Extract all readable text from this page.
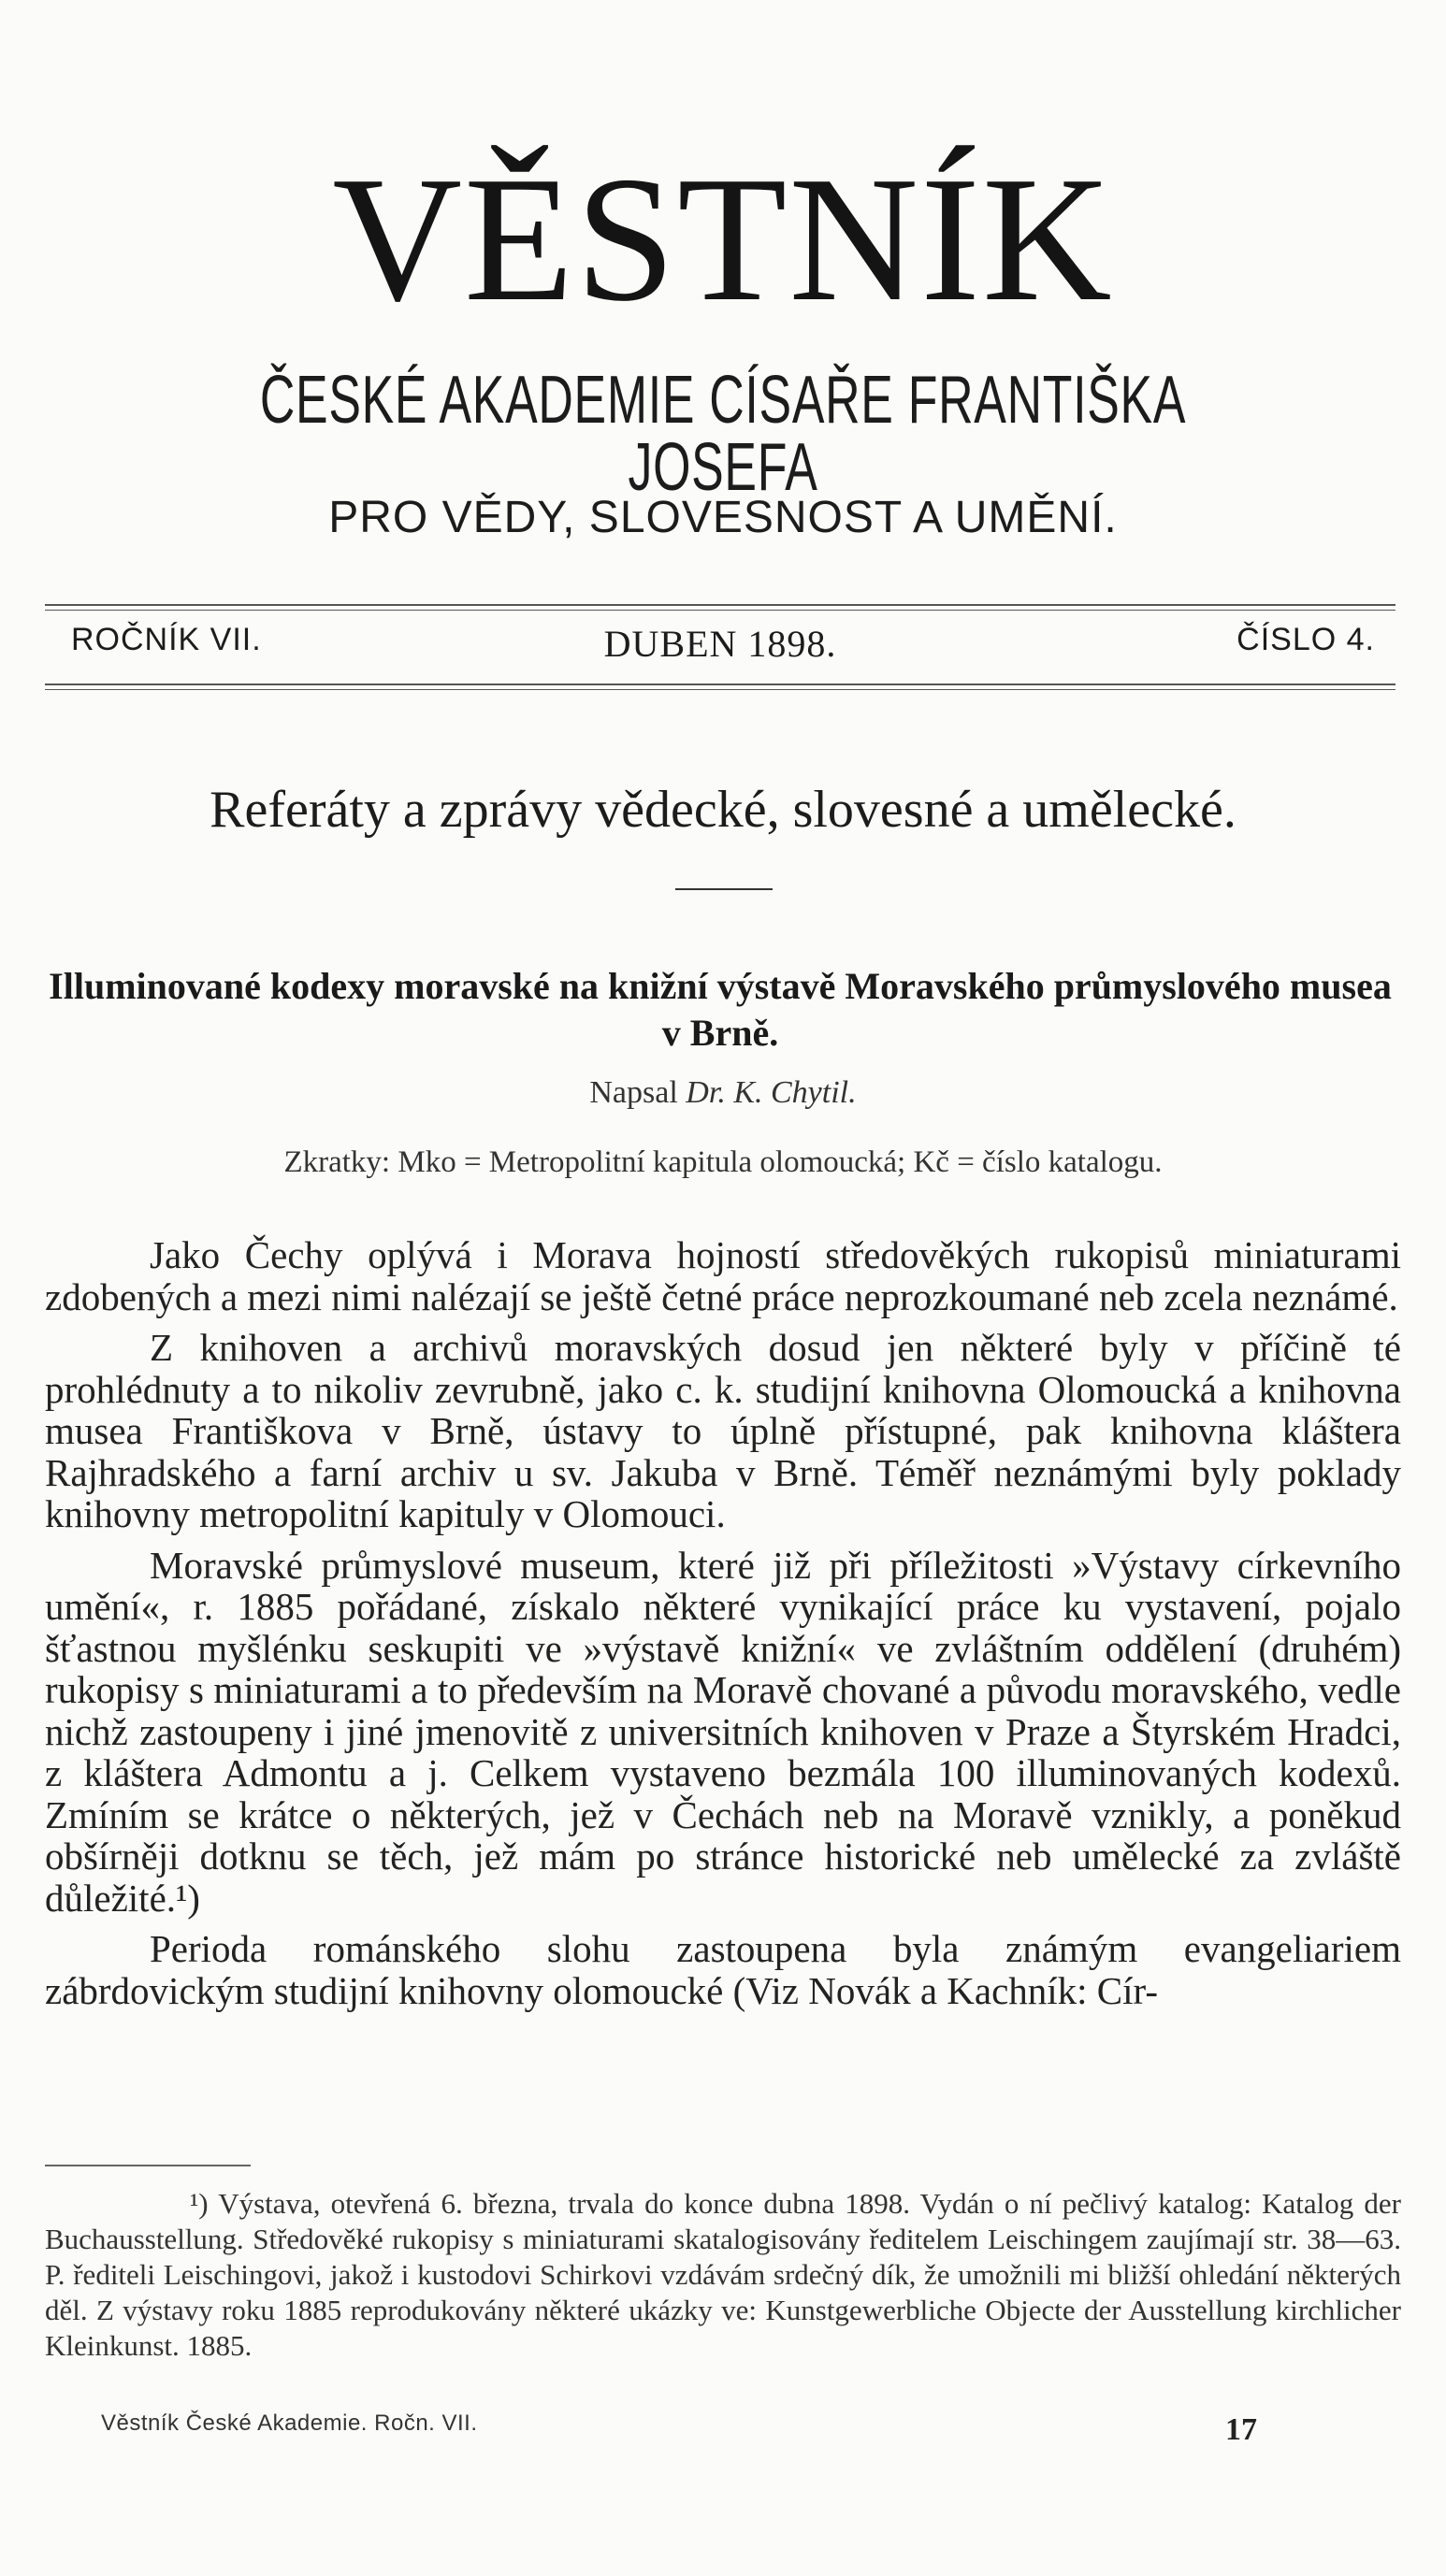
VĚSTNÍK
ČESKÉ AKADEMIE CÍSAŘE FRANTIŠKA JOSEFA
PRO VĚDY, SLOVESNOST A UMĚNÍ.
ROČNÍK VII.	DUBEN 1898.	ČÍSLO 4.
Referáty a zprávy vědecké, slovesné a umělecké.
Illuminované kodexy moravské na knižní výstavě Moravského průmyslového musea v Brně.
Napsal Dr. K. Chytil.
Zkratky: Mko = Metropolitní kapitula olomoucká; Kč = číslo katalogu.

Jako Čechy oplývá i Morava hojností středověkých rukopisů miniaturami zdobených a mezi nimi nalézají se ještě četné práce neprozkoumané neb zcela neznámé.

Z knihoven a archivů moravských dosud jen některé byly v příčině té prohlédnuty a to nikoliv zevrubně, jako c. k. studijní knihovna Olomoucká a knihovna musea Františkova v Brně, ústavy to úplně přístupné, pak knihovna kláštera Rajhradského a farní archiv u sv. Jakuba v Brně. Téměř neznámými byly poklady knihovny metropolitní kapituly v Olomouci.

Moravské průmyslové museum, které již při příležitosti »Výstavy církevního umění«, r. 1885 pořádané, získalo některé vynikající práce ku vystavení, pojalo šťastnou myšlénku seskupiti ve »výstavě knižní« ve zvláštním oddělení (druhém) rukopisy s miniaturami a to především na Moravě chované a původu moravského, vedle nichž zastoupeny i jiné jmenovitě z universitních knihoven v Praze a Štyrském Hradci, z kláštera Admontu a j. Celkem vystaveno bezmála 100 illuminovaných kodexů. Zmíním se krátce o některých, jež v Čechách neb na Moravě vznikly, a poněkud obšírněji dotknu se těch, jež mám po stránce historické neb umělecké za zvláště důležité.¹)

Perioda románského slohu zastoupena byla známým evangeliariem zábrdovickým studijní knihovny olomoucké (Viz Novák a Kachník: Cír-

¹) Výstava, otevřená 6. března, trvala do konce dubna 1898. Vydán o ní pečlivý katalog: Katalog der Buchausstellung. Středověké rukopisy s miniaturami skatalogisovány ředitelem Leischingem zaujímají str. 38—63. P. řediteli Leischingovi, jakož i kustodovi Schirkovi vzdávám srdečný dík, že umožnili mi bližší ohledání některých děl. Z výstavy roku 1885 reprodukovány některé ukázky ve: Kunstgewerbliche Objecte der Ausstellung kirchlicher Kleinkunst. 1885.

Věstník České Akademie. Ročn. VII.	17
